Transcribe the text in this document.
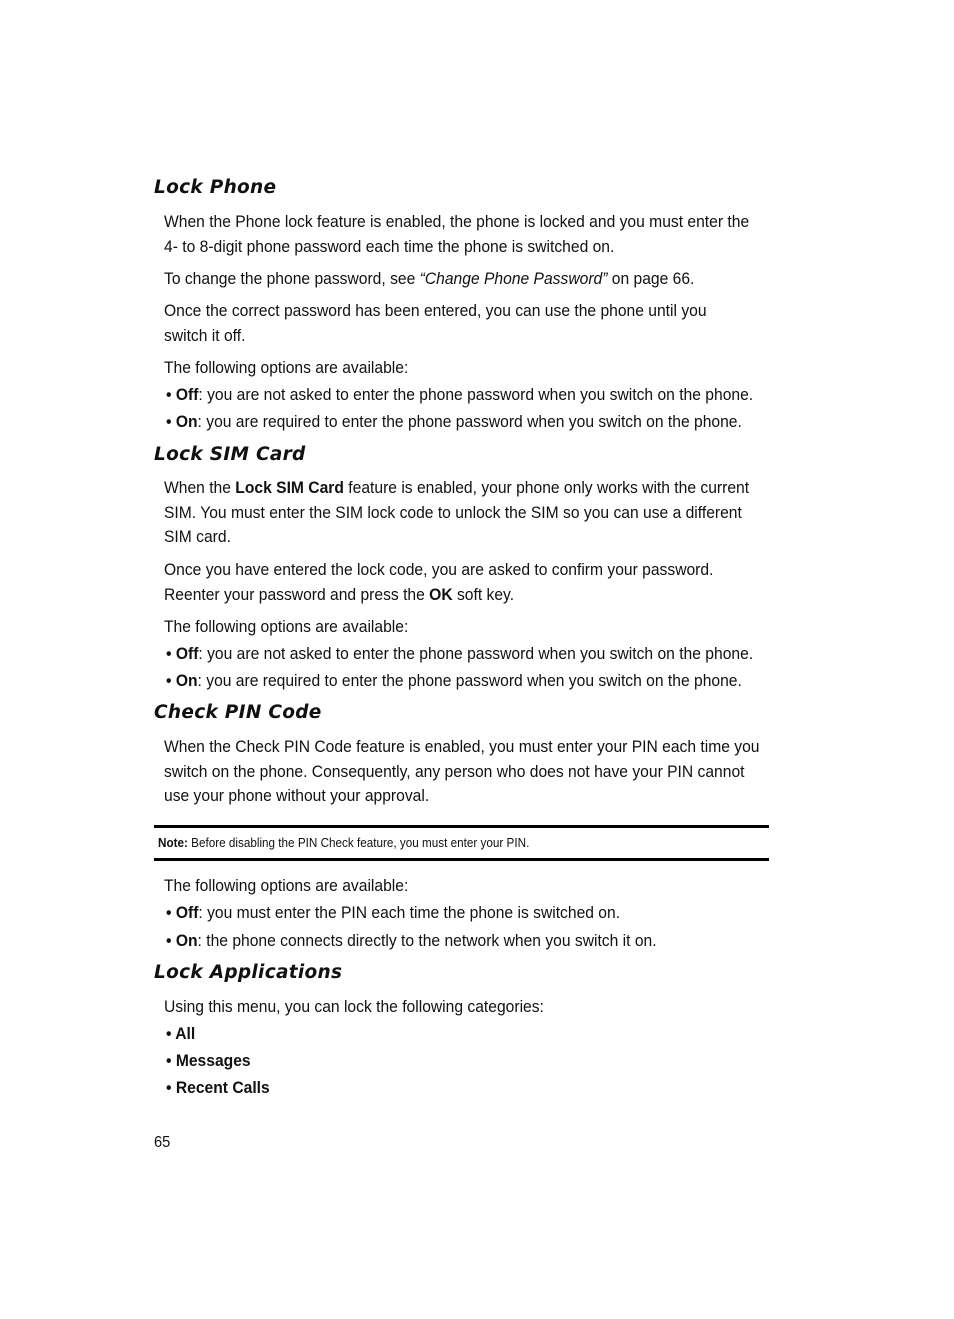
Lock Phone

When the Phone lock feature is enabled, the phone is locked and you must enter the
4- to 8-digit phone password each time the phone is switched on.

To change the phone password, see “Change Phone Password” on page 66.

Once the correct password has been entered, you can use the phone until you
switch it off.

The following options are available:

• Off: you are not asked to enter the phone password when you switch on the phone.

• On: you are required to enter the phone password when you switch on the phone.

Lock SIM Card

When the Lock SIM Card feature is enabled, your phone only works with the current
SIM. You must enter the SIM lock code to unlock the SIM so you can use a different
SIM card.

Once you have entered the lock code, you are asked to confirm your password.
Reenter your password and press the OK soft key.

The following options are available:

• Off: you are not asked to enter the phone password when you switch on the phone.

• On: you are required to enter the phone password when you switch on the phone.

Check PIN Code

When the Check PIN Code feature is enabled, you must enter your PIN each time you
switch on the phone. Consequently, any person who does not have your PIN cannot
use your phone without your approval.

Note: Before disabling the PIN Check feature, you must enter your PIN.

The following options are available:

• Off: you must enter the PIN each time the phone is switched on.

• On: the phone connects directly to the network when you switch it on.

Lock Applications

Using this menu, you can lock the following categories:

• All

• Messages

• Recent Calls

65
